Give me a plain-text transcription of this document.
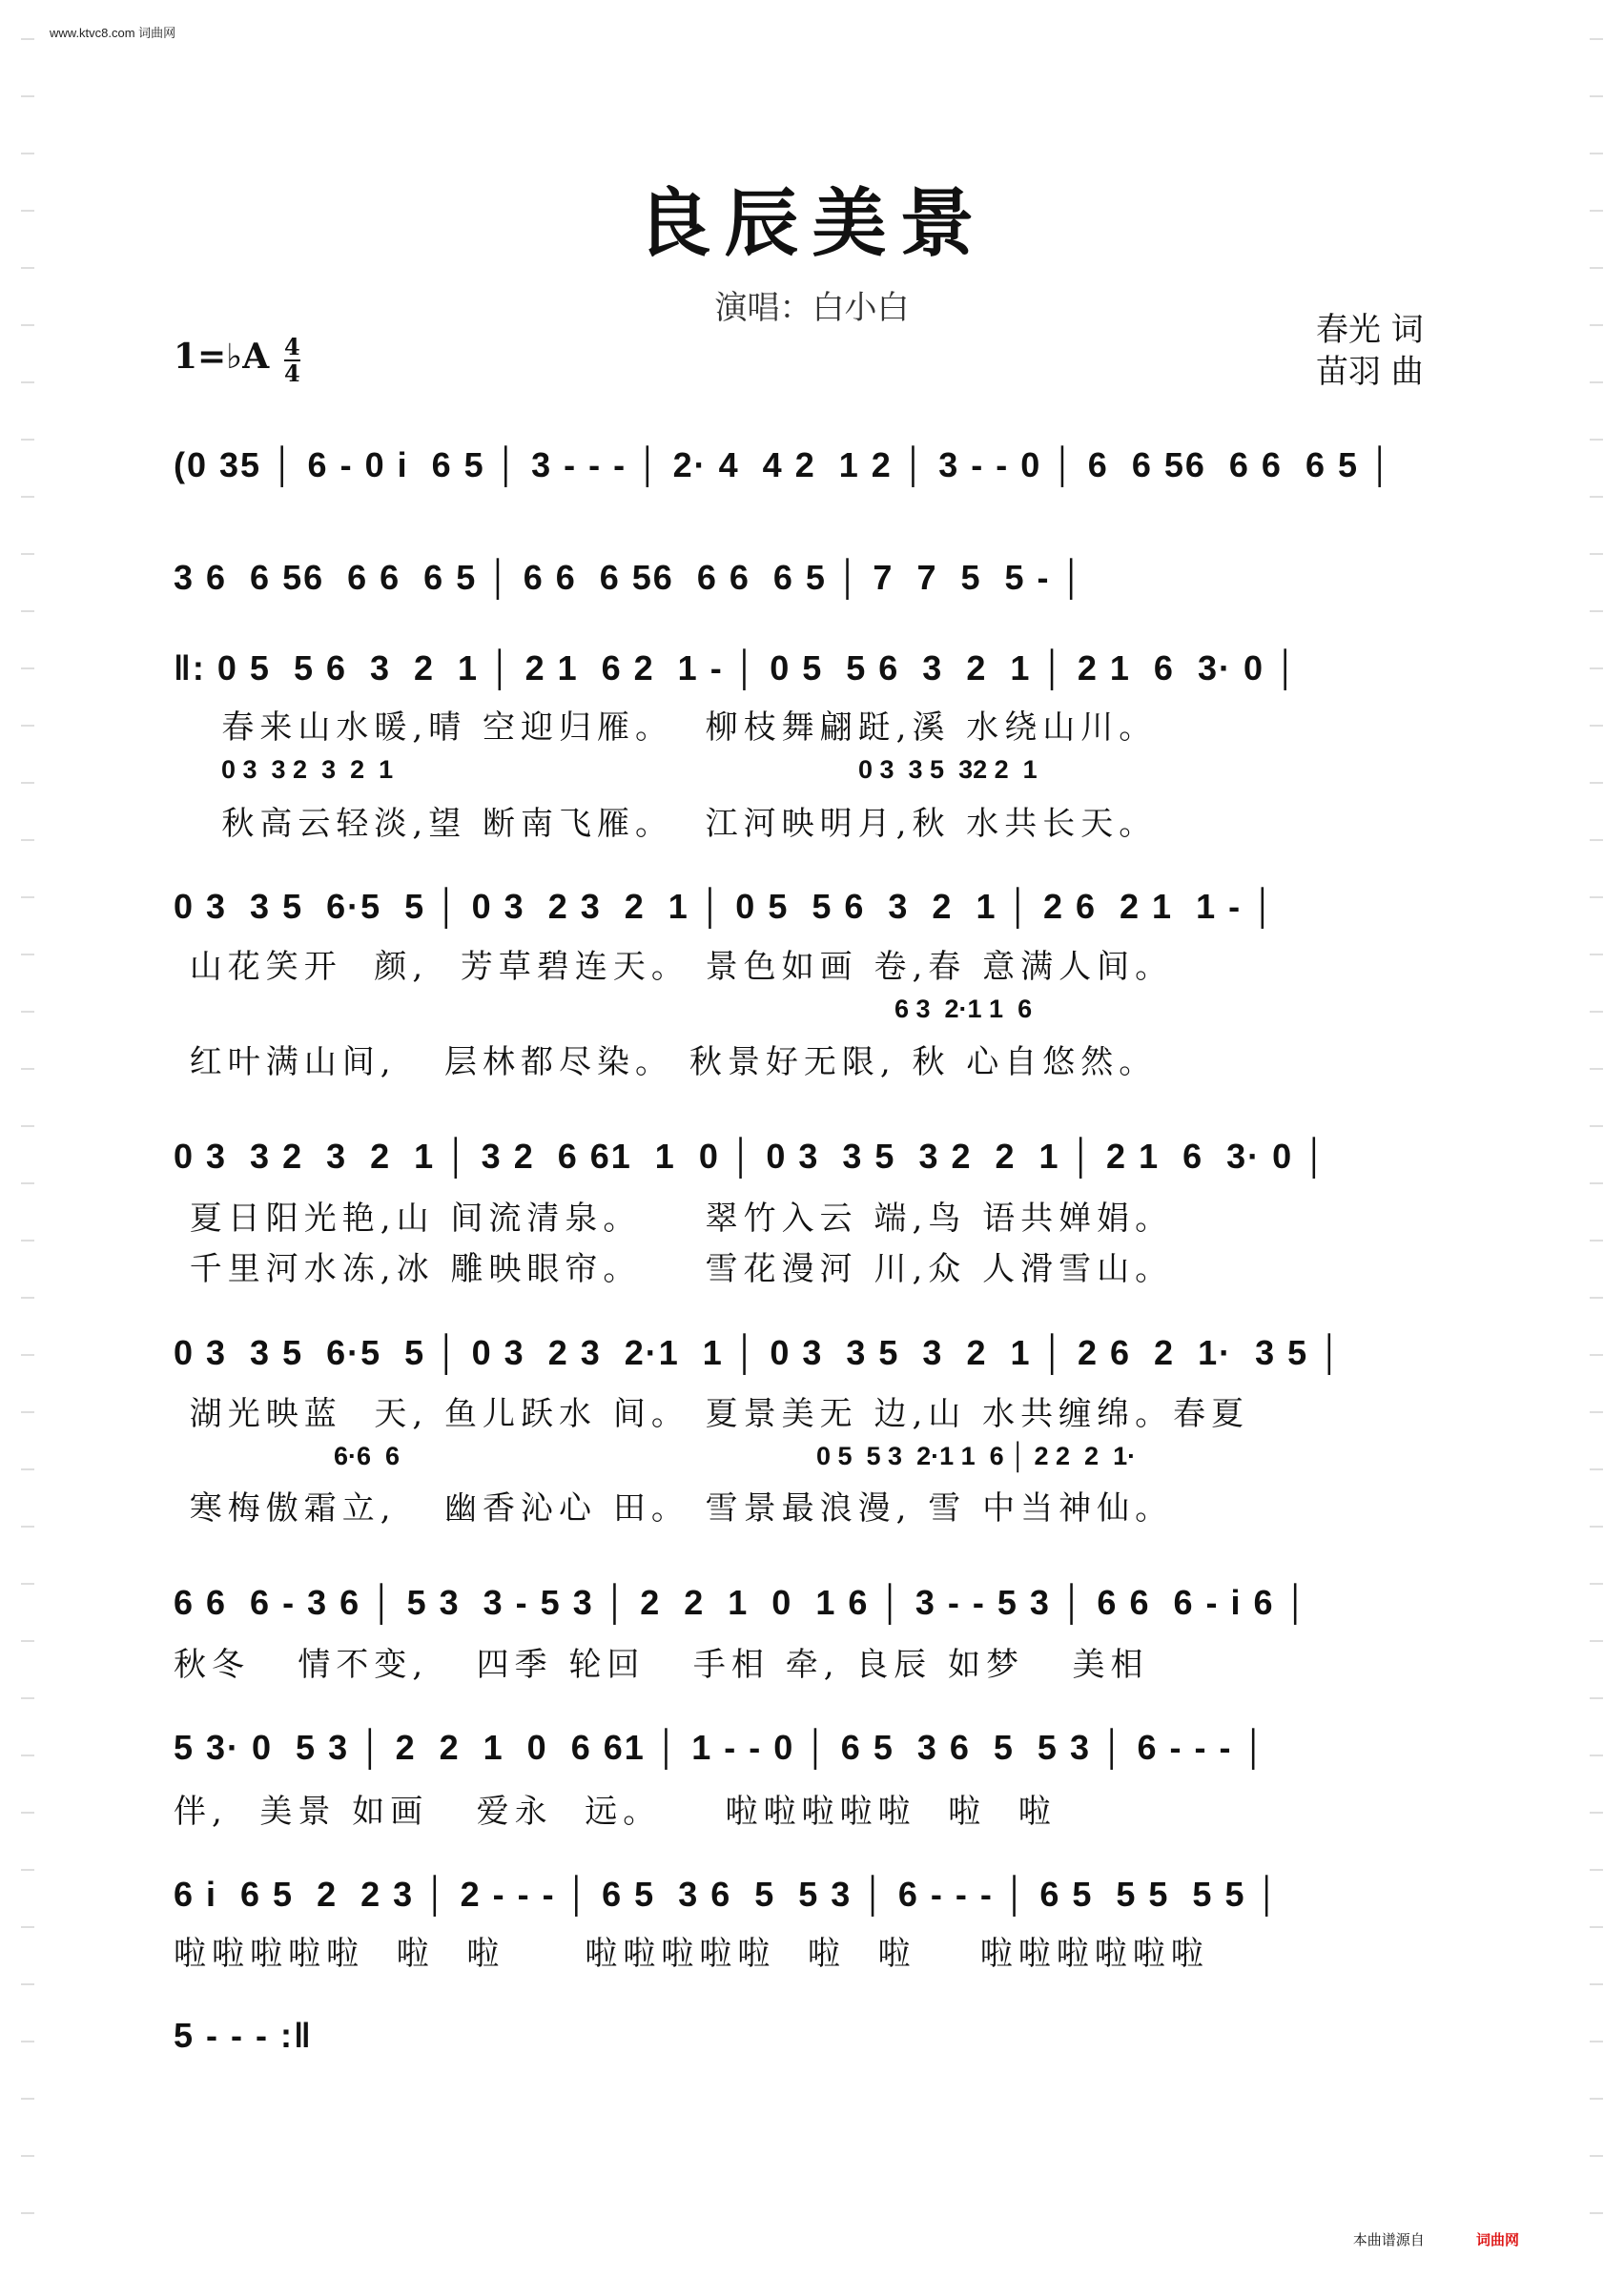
www.ktvc8.com 词曲网
良辰美景
演唱：白小白
春光 词
苗羽 曲
1=♭A 4
4
(0 35 │ 6 - 0 i  6 5 │ 3 - - - │ 2· 4  4 2  1 2 │ 3 - - 0 │ 6  6 56  6 6  6 5 │
3 6  6 56  6 6  6 5 │ 6 6  6 56  6 6  6 5 │ 7  7  5  5 - │
‖: 0 5  5 6  3  2  1 │ 2 1  6 2  1 - │ 0 5  5 6  3  2  1 │ 2 1  6  3· 0 │
春来山水暖,晴 空迎归雁。  柳枝舞翩跹,溪 水绕山川。
0 3  3 2  3  2  1	0 3  3 5  32 2  1
秋高云轻淡,望 断南飞雁。  江河映明月,秋 水共长天。
0 3  3 5  6·5  5 │ 0 3  2 3  2  1 │ 0 5  5 6  3  2  1 │ 2 6  2 1  1 - │
山花笑开  颜,  芳草碧连天。 景色如画 卷,春 意满人间。
6 3  2·1 1  6
红叶满山间,   层林都尽染。 秋景好无限, 秋 心自悠然。
0 3  3 2  3  2  1 │ 3 2  6 61  1  0 │ 0 3  3 5  3 2  2  1 │ 2 1  6  3· 0 │
夏日阳光艳,山 间流清泉。    翠竹入云 端,鸟 语共婵娟。
千里河水冻,冰 雕映眼帘。    雪花漫河 川,众 人滑雪山。
0 3  3 5  6·5  5 │ 0 3  2 3  2·1  1 │ 0 3  3 5  3  2  1 │ 2 6  2  1·  3 5 │
湖光映蓝  天, 鱼儿跃水 间。 夏景美无 边,山 水共缠绵。春夏
6·6  6	0 5  5 3  2·1 1  6 │ 2 2  2  1·
寒梅傲霜立,   幽香沁心 田。 雪景最浪漫, 雪 中当神仙。
6 6  6 - 3 6 │ 5 3  3 - 5 3 │ 2  2  1  0  1 6 │ 3 - - 5 3 │ 6 6  6 - i 6 │
秋冬   情不变,   四季 轮回   手相 牵, 良辰 如梦   美相
5 3· 0  5 3 │ 2  2  1  0  6 61 │ 1 - - 0 │ 6 5  3 6  5  5 3 │ 6 - - - │
伴,  美景 如画   爱永  远。    啦啦啦啦啦  啦  啦
6 i  6 5  2  2 3 │ 2 - - - │ 6 5  3 6  5  5 3 │ 6 - - - │ 6 5  5 5  5 5 │
啦啦啦啦啦  啦  啦     啦啦啦啦啦  啦  啦    啦啦啦啦啦啦
5 - - - :‖
本曲谱源自	词曲网
